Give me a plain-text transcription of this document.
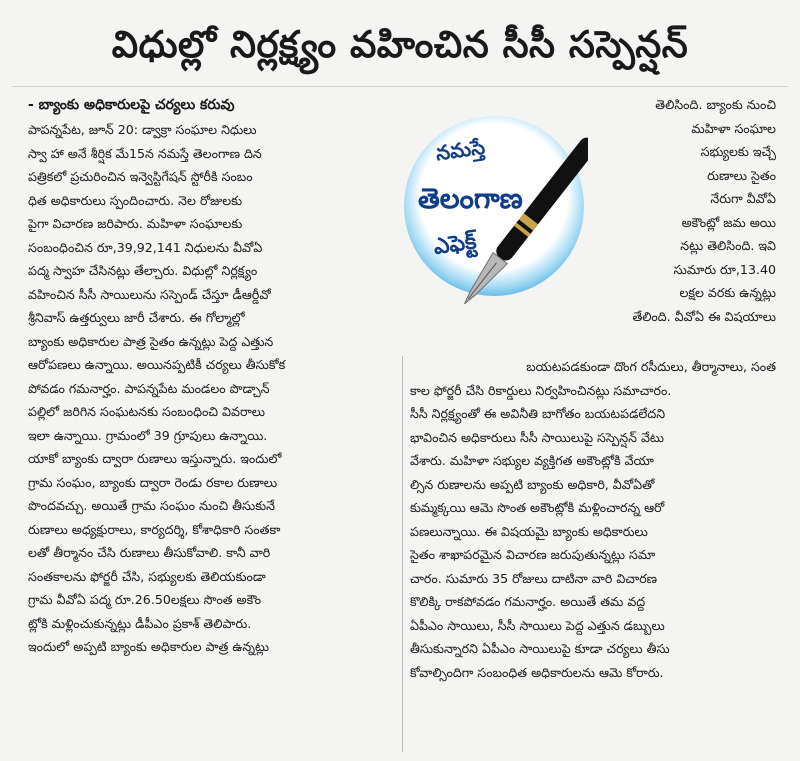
విధుల్లో నిర్లక్ష్యం వహించిన సీసీ సస్పెన్షన్
- బ్యాంకు అధికారులపై చర్యలు కరువు
పాపన్నపేట, జూన్ 20: డ్వాక్రా సంఘాల నిధులు
స్వా హా అనే శీర్షిక మే15న నమస్తే తెలంగాణ దిన
పత్రికలో ప్రచురించిన ఇన్వెస్టిగేషన్ స్టోరీకి సంబం
ధిత అధికారులు స్పందించారు. నెల రోజులకు
పైగా విచారణ జరిపారు. మహిళా సంఘాలకు
సంబంధించిన రూ,39,92,141 నిధులను వీవోఏ
పద్మ స్వాహ చేసినట్లు తేల్చారు. విధుల్లో నిర్లక్ష్యం
వహించిన సీసీ సాయిలును సస్పెండ్ చేస్తూ డీఆర్డీవో
శ్రీనివాస్ ఉత్తర్వులు జారీ చేశారు. ఈ గోల్మాల్లో
బ్యాంకు అధికారుల పాత్ర సైతం ఉన్నట్లు పెద్ద ఎత్తున
ఆరోపణలు ఉన్నాయి. అయినప్పటికీ చర్యలు తీసుకోక
పోవడం గమనార్హం. పాపన్నపేట మండలం పొడ్చాన్
పల్లిలో జరిగిన సంఘటనకు సంబంధించి వివరాలు
ఇలా ఉన్నాయి. గ్రామంలో 39 గ్రూపులు ఉన్నాయి.
యాకో బ్యాంకు ద్వారా రుణాలు ఇస్తున్నారు. ఇందులో
గ్రామ సంఘం, బ్యాంకు ద్వారా రెండు రకాల రుణాలు
పొందవచ్చు. అయితే గ్రామ సంఘం నుంచి తీసుకునే
రుణాలు అధ్యక్షురాలు, కార్యదర్శి, కోశాధికారి సంతకా
లతో తీర్మానం చేసి రుణాలు తీసుకోవాలి. కానీ వారి
సంతకాలను ఫోర్జరీ చేసి, సభ్యులకు తెలియకుండా
గ్రామ వీవోఏ పద్మ రూ.26.50లక్షలు సొంత అకౌం
ట్లోకి మళ్లించుకున్నట్లు డీపీఎం ప్రకాశ్ తెలిపారు.
ఇందులో అప్పటి బ్యాంకు అధికారుల పాత్ర ఉన్నట్లు
నమస్తే
తెలంగాణ
ఎఫెక్ట్
తెలిసింది. బ్యాంకు నుంచి
మహిళా సంఘాల
సభ్యులకు ఇచ్చే
రుణాలు సైతం
నేరుగా వీవోఏ
అకౌంట్లో జమ అయి
నట్లు తెలిసింది. ఇవి
సుమారు రూ,13.40
లక్షల వరకు ఉన్నట్లు
తేలింది. వీవోఏ ఈ విషయాలు
బయటపడకుండా దొంగ రసీదులు, తీర్మానాలు, సంత
కాల ఫోర్జరీ చేసి రికార్డులు నిర్వహించినట్లు సమాచారం.
సీసీ నిర్లక్ష్యంతో ఈ అవినీతి బాగోతం బయటపడలేదని
భావించిన అధికారులు సీసీ సాయిలుపై సస్పెన్షన్ వేటు
వేశారు. మహిళా సభ్యుల వ్యక్తిగత అకౌంట్లోకి వేయా
ల్సిన రుణాలను అప్పటి బ్యాంకు అధికారి, వీవోఏతో
కుమ్మక్కయి ఆమె సొంత అకౌంట్లోకి మళ్లించారన్న ఆరో
పణలున్నాయి. ఈ విషయమై బ్యాంకు అధికారులు
సైతం శాఖాపరమైన విచారణ జరుపుతున్నట్లు సమా
చారం. సుమారు 35 రోజులు దాటినా వారి విచారణ
కొలిక్కి రాకపోవడం గమనార్హం. అయితే తమ వద్ద
ఏపీఎం సాయిలు, సీసీ సాయిలు పెద్ద ఎత్తున డబ్బులు
తీసుకున్నారని ఏపీఎం సాయిలుపై కూడా చర్యలు తీసు
కోవాల్సిందిగా సంబంధిత అధికారులను ఆమె కోరారు.
